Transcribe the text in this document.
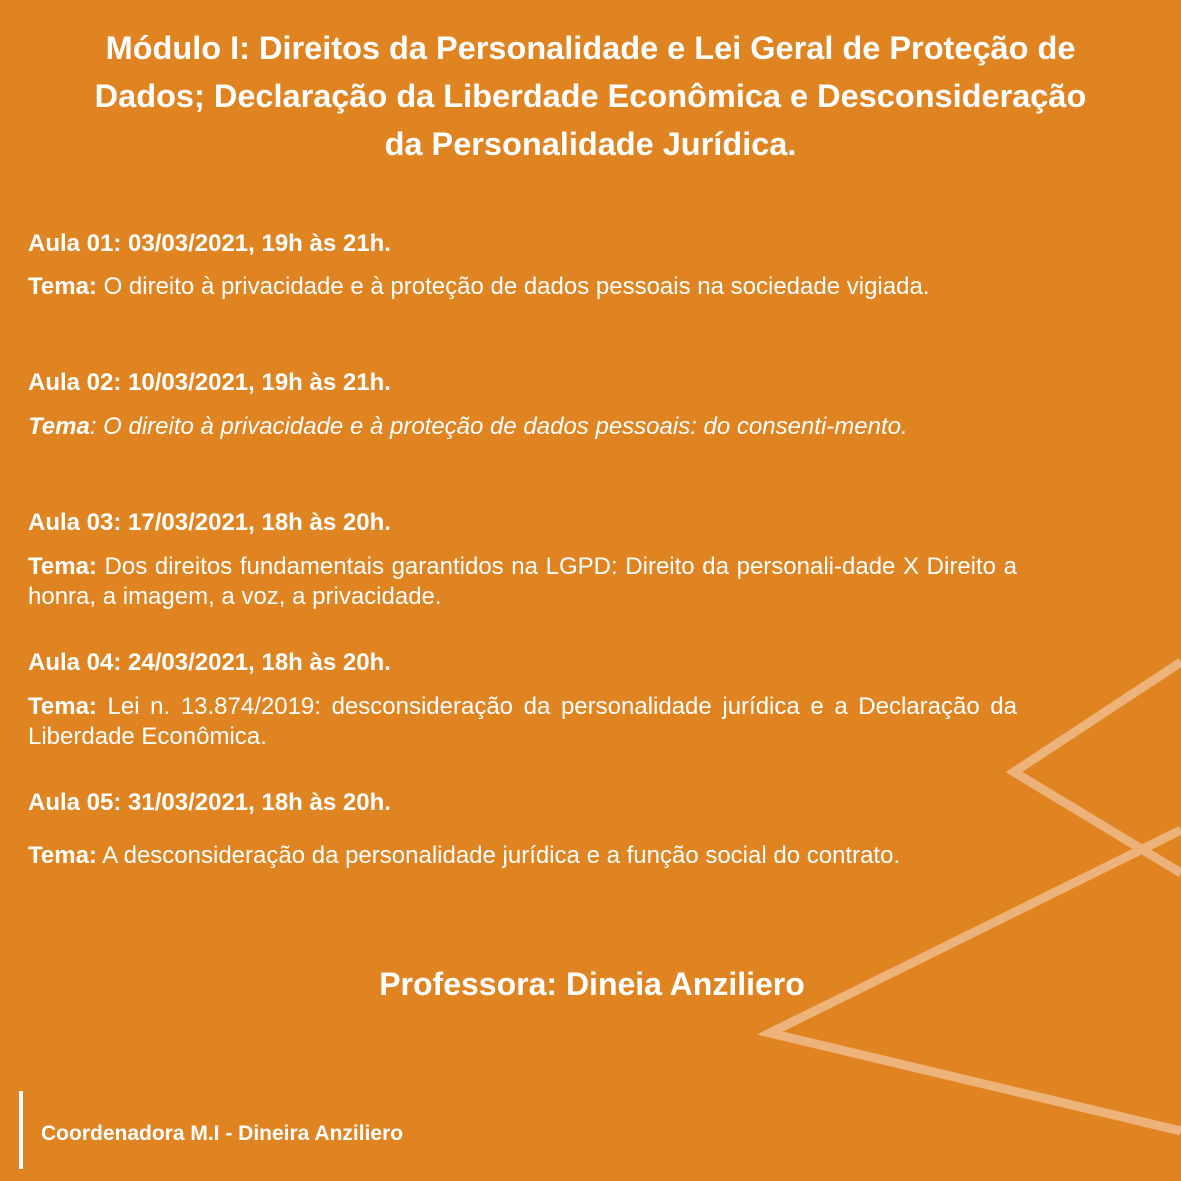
Módulo I: Direitos da Personalidade e Lei Geral de Proteção de
Dados; Declaração da Liberdade Econômica e Desconsideração
da Personalidade Jurídica.

Aula 01: 03/03/2021, 19h às 21h.

Tema: O direito à privacidade e à proteção de dados pessoais na sociedade vigiada.

Aula 02: 10/03/2021, 19h às 21h.

Tema: O direito à privacidade e à proteção de dados pessoais: do consenti-mento.

Aula 03: 17/03/2021, 18h às 20h.

Tema: Dos direitos fundamentais garantidos na LGPD: Direito da personali-dade X Direito a honra, a imagem, a voz, a privacidade.

Aula 04: 24/03/2021, 18h às 20h.

Tema: Lei n. 13.874/2019: desconsideração da personalidade jurídica e a Declaração da Liberdade Econômica.

Aula 05: 31/03/2021, 18h às 20h.

Tema: A desconsideração da personalidade jurídica e a função social do contrato.

Professora: Dineia Anziliero

Coordenadora M.I - Dineira Anziliero
